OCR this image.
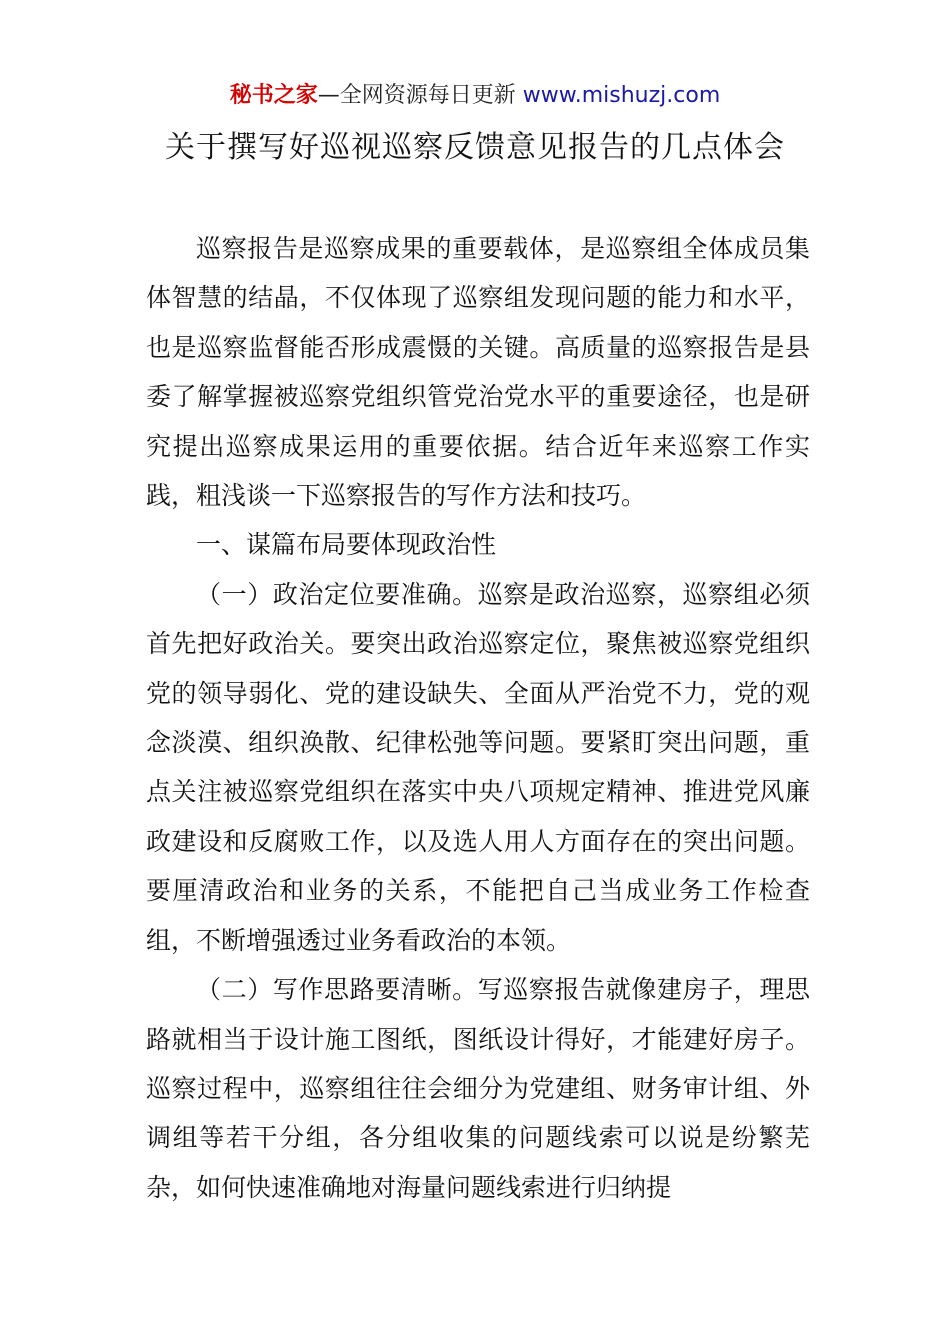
秘书之家—全网资源每日更新 www.mishuzj.com
关于撰写好巡视巡察反馈意见报告的几点体会

巡察报告是巡察成果的重要载体，是巡察组全体成员集体智慧的结晶，不仅体现了巡察组发现问题的能力和水平，也是巡察监督能否形成震慑的关键。高质量的巡察报告是县委了解掌握被巡察党组织管党治党水平的重要途径，也是研究提出巡察成果运用的重要依据。结合近年来巡察工作实践，粗浅谈一下巡察报告的写作方法和技巧。

一、谋篇布局要体现政治性

（一）政治定位要准确。巡察是政治巡察，巡察组必须首先把好政治关。要突出政治巡察定位，聚焦被巡察党组织党的领导弱化、党的建设缺失、全面从严治党不力，党的观念淡漠、组织涣散、纪律松弛等问题。要紧盯突出问题，重点关注被巡察党组织在落实中央八项规定精神、推进党风廉政建设和反腐败工作，以及选人用人方面存在的突出问题。要厘清政治和业务的关系，不能把自己当成业务工作检查组，不断增强透过业务看政治的本领。

（二）写作思路要清晰。写巡察报告就像建房子，理思路就相当于设计施工图纸，图纸设计得好，才能建好房子。巡察过程中，巡察组往往会细分为党建组、财务审计组、外调组等若干分组，各分组收集的问题线索可以说是纷繁芜杂，如何快速准确地对海量问题线索进行归纳提
